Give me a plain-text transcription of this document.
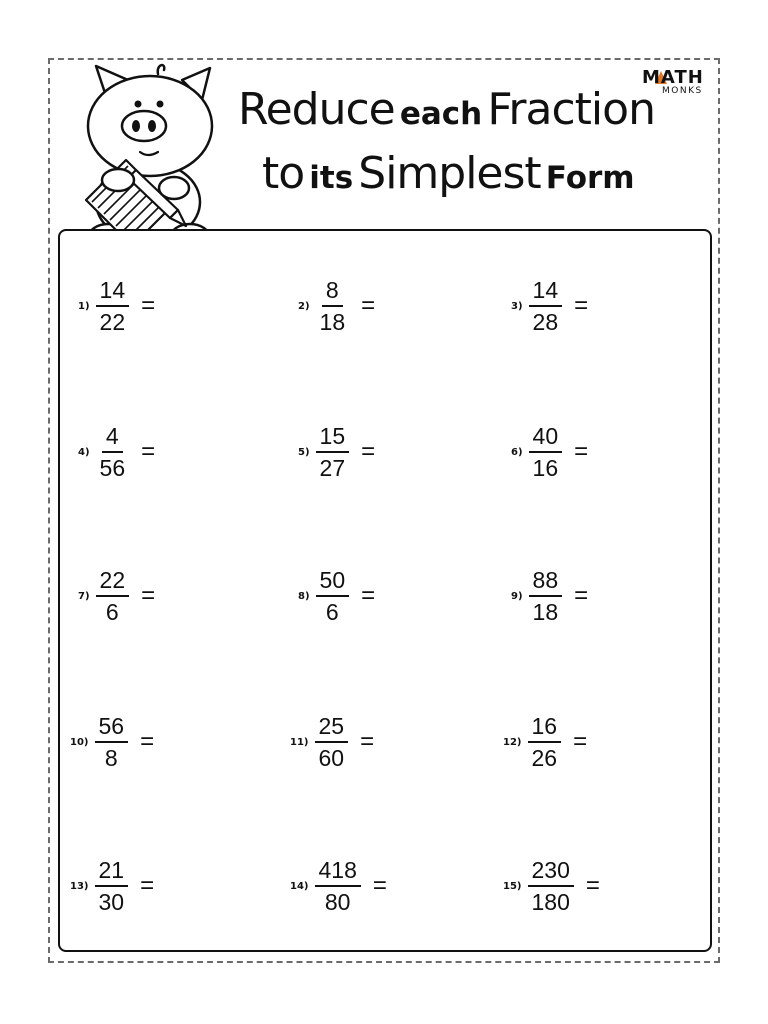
MATH
MONKS
Reduce each Fraction
to its Simplest Form
$1) \frac{14}{22}$ =	$2) \frac{8}{18}$ =	$3) \frac{14}{28}$ =
$4) \frac{4}{56}$ =	$5) \frac{15}{27}$ =	$6) \frac{40}{16}$ =
$7) \frac{22}{6}$ =	$8) \frac{50}{6}$ =	$9) \frac{88}{18}$ =
$10) \frac{56}{8}$ =	$11) \frac{25}{60}$ =	$12) \frac{16}{26}$ =
$13) \frac{21}{30}$ =	$14) \frac{418}{80}$ =	$15) \frac{230}{180}$ =
